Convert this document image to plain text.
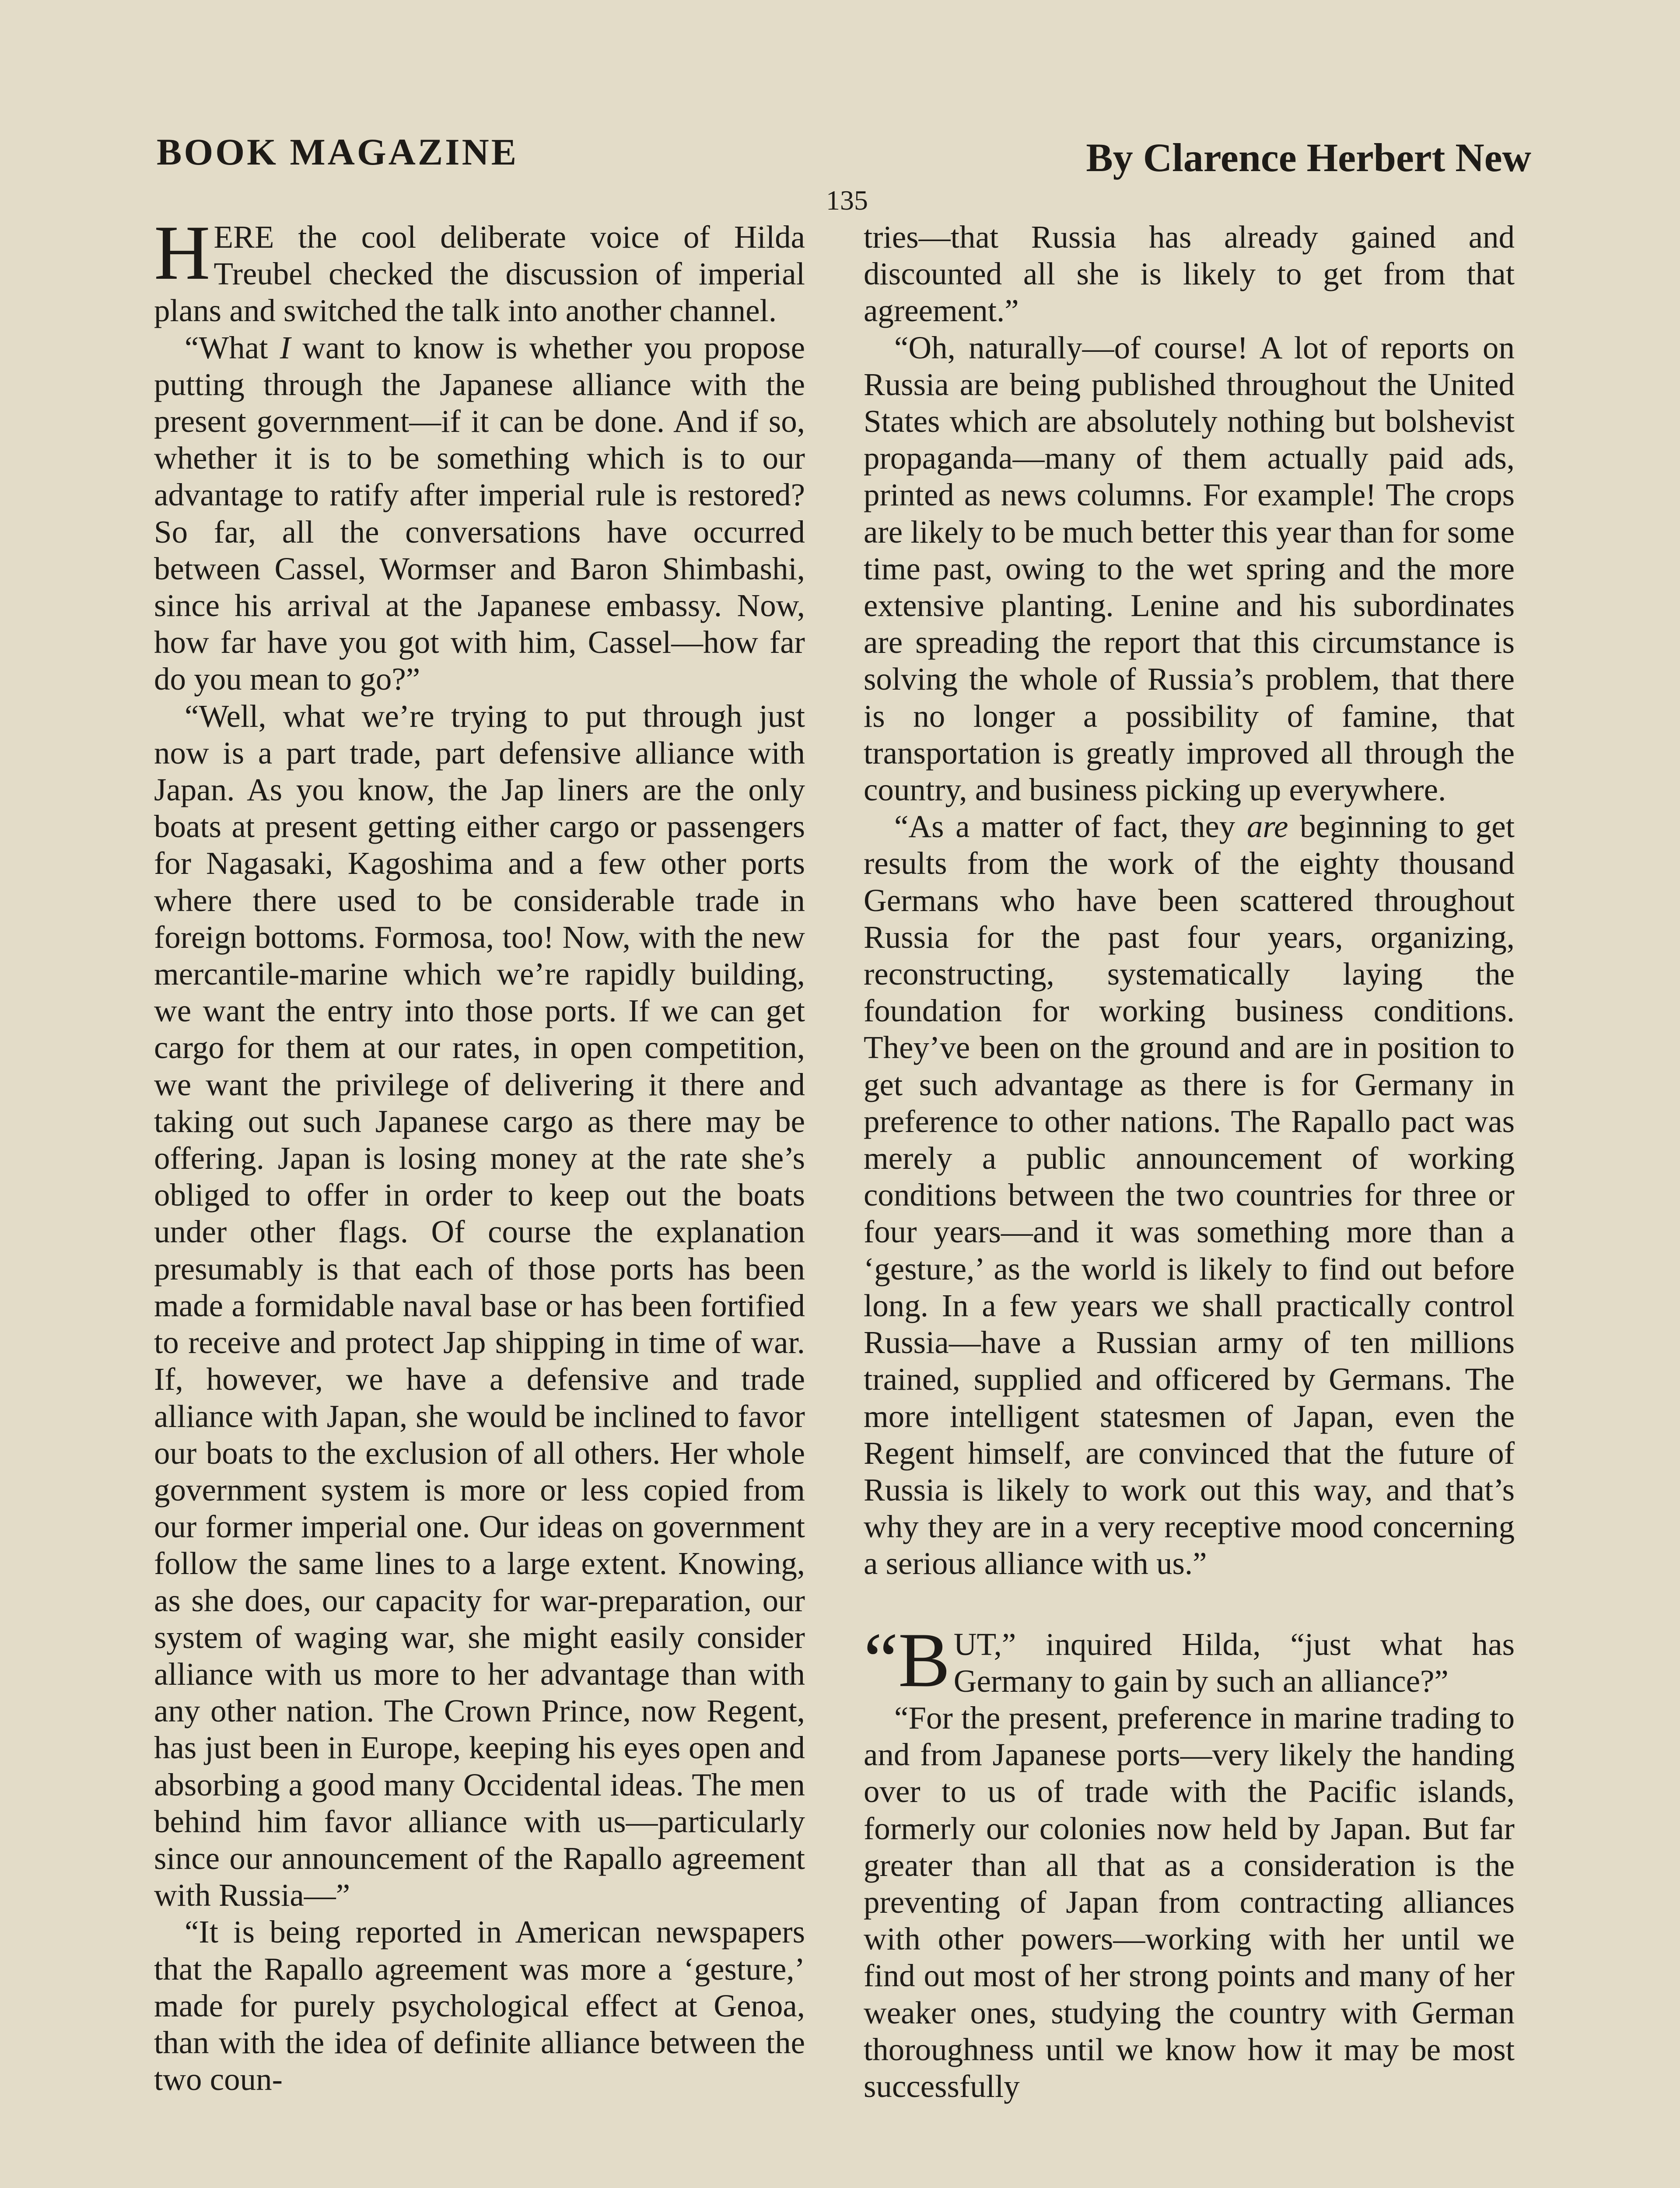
BOOK MAGAZINE	By Clarence Herbert New
135

HERE the cool deliberate voice of Hilda Treubel checked the discussion of imperial plans and switched the talk into another channel.

“What I want to know is whether you propose putting through the Japanese alliance with the present government—if it can be done. And if so, whether it is to be something which is to our advantage to ratify after imperial rule is restored? So far, all the conversations have occurred between Cassel, Wormser and Baron Shimbashi, since his arrival at the Japanese embassy. Now, how far have you got with him, Cassel—how far do you mean to go?”

“Well, what we’re trying to put through just now is a part trade, part defensive alliance with Japan. As you know, the Jap liners are the only boats at present getting either cargo or passengers for Nagasaki, Kagoshima and a few other ports where there used to be considerable trade in foreign bottoms. Formosa, too! Now, with the new mercantile-marine which we’re rapidly building, we want the entry into those ports. If we can get cargo for them at our rates, in open competition, we want the privilege of delivering it there and taking out such Japanese cargo as there may be offering. Japan is losing money at the rate she’s obliged to offer in order to keep out the boats under other flags. Of course the explanation presumably is that each of those ports has been made a formidable naval base or has been fortified to receive and protect Jap shipping in time of war. If, however, we have a defensive and trade alliance with Japan, she would be inclined to favor our boats to the exclusion of all others. Her whole government system is more or less copied from our former imperial one. Our ideas on government follow the same lines to a large extent. Knowing, as she does, our capacity for war-preparation, our system of waging war, she might easily consider alliance with us more to her advantage than with any other nation. The Crown Prince, now Regent, has just been in Europe, keeping his eyes open and absorbing a good many Occidental ideas. The men behind him favor alliance with us—particularly since our announcement of the Rapallo agreement with Russia—”

“It is being reported in American newspapers that the Rapallo agreement was more a ‘gesture,’ made for purely psychological effect at Genoa, than with the idea of definite alliance between the two coun-

tries—that Russia has already gained and discounted all she is likely to get from that agreement.”

“Oh, naturally—of course! A lot of reports on Russia are being published throughout the United States which are absolutely nothing but bolshevist propaganda—many of them actually paid ads, printed as news columns. For example! The crops are likely to be much better this year than for some time past, owing to the wet spring and the more extensive planting. Lenine and his subordinates are spreading the report that this circumstance is solving the whole of Russia’s problem, that there is no longer a possibility of famine, that transportation is greatly improved all through the country, and business picking up everywhere.

“As a matter of fact, they are beginning to get results from the work of the eighty thousand Germans who have been scattered throughout Russia for the past four years, organizing, reconstructing, systematically laying the foundation for working business conditions. They’ve been on the ground and are in position to get such advantage as there is for Germany in preference to other nations. The Rapallo pact was merely a public announcement of working conditions between the two countries for three or four years—and it was something more than a ‘gesture,’ as the world is likely to find out before long. In a few years we shall practically control Russia—have a Russian army of ten millions trained, supplied and officered by Germans. The more intelligent statesmen of Japan, even the Regent himself, are convinced that the future of Russia is likely to work out this way, and that’s why they are in a very receptive mood concerning a serious alliance with us.”

“B UT,” inquired Hilda, “just what has Germany to gain by such an alliance?”

“For the present, preference in marine trading to and from Japanese ports—very likely the handing over to us of trade with the Pacific islands, formerly our colonies now held by Japan. But far greater than all that as a consideration is the preventing of Japan from contracting alliances with other powers—working with her until we find out most of her strong points and many of her weaker ones, studying the country with German thoroughness until we know how it may be most successfully
